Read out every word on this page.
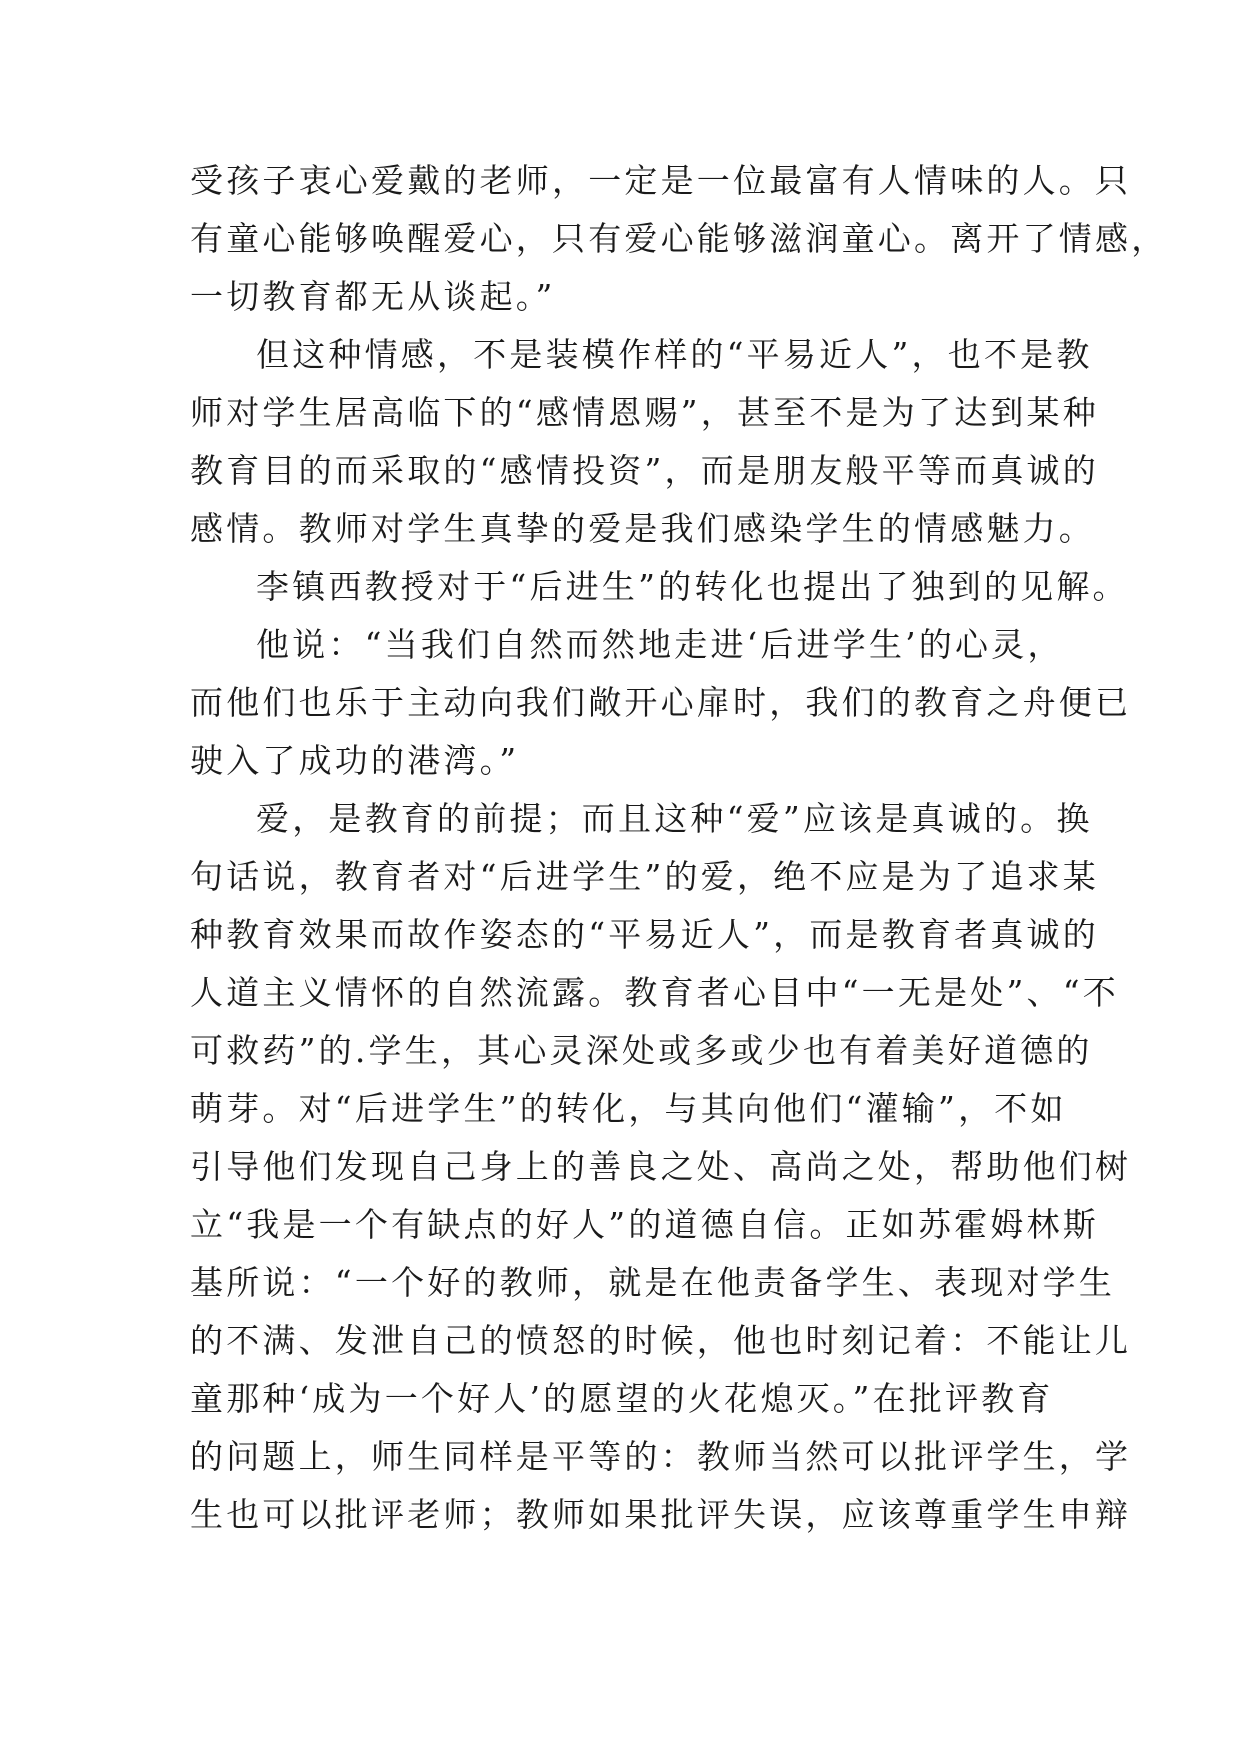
受孩子衷心爱戴的老师，一定是一位最富有人情味的人。只
有童心能够唤醒爱心，只有爱心能够滋润童心。离开了情感，
一切教育都无从谈起。”
但这种情感，不是装模作样的“平易近人”，也不是教
师对学生居高临下的“感情恩赐”，甚至不是为了达到某种
教育目的而采取的“感情投资”，而是朋友般平等而真诚的
感情。教师对学生真挚的爱是我们感染学生的情感魅力。
李镇西教授对于“后进生”的转化也提出了独到的见解。
他说：“当我们自然而然地走进‘后进学生’的心灵，
而他们也乐于主动向我们敞开心扉时，我们的教育之舟便已
驶入了成功的港湾。”
爱，是教育的前提；而且这种“爱”应该是真诚的。换
句话说，教育者对“后进学生”的爱，绝不应是为了追求某
种教育效果而故作姿态的“平易近人”，而是教育者真诚的
人道主义情怀的自然流露。教育者心目中“一无是处”、“不
可救药”的.学生，其心灵深处或多或少也有着美好道德的
萌芽。对“后进学生”的转化，与其向他们“灌输”，不如
引导他们发现自己身上的善良之处、高尚之处，帮助他们树
立“我是一个有缺点的好人”的道德自信。正如苏霍姆林斯
基所说：“一个好的教师，就是在他责备学生、表现对学生
的不满、发泄自己的愤怒的时候，他也时刻记着：不能让儿
童那种‘成为一个好人’的愿望的火花熄灭。”在批评教育
的问题上，师生同样是平等的：教师当然可以批评学生，学
生也可以批评老师；教师如果批评失误，应该尊重学生申辩
